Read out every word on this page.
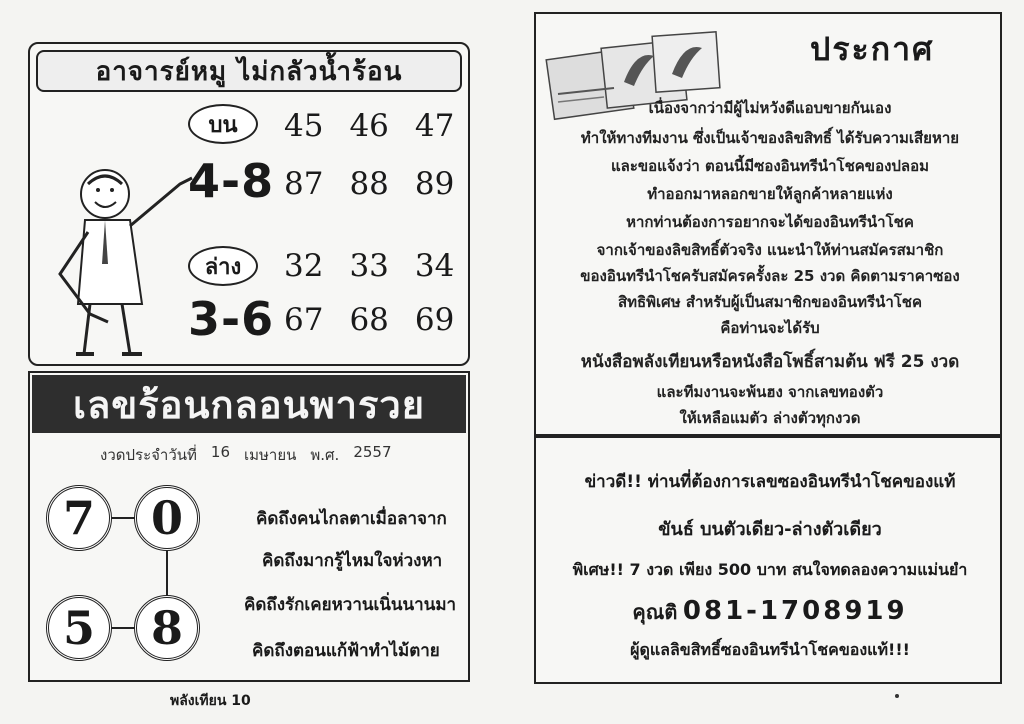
อาจารย์หมู ไม่กลัวน้ำร้อน
บน 45 46 47
4-8 87 88 89
ล่าง 32 33 34
3-6 67 68 69
เลขร้อนกลอนพารวย
งวดประจำวันที่ 16 เมษายน พ.ศ. 2557
7 0
5 8
คิดถึงคนไกลตาเมื่อลาจาก
คิดถึงมากรู้ไหมใจห่วงหา
คิดถึงรักเคยหวานเนิ่นนานมา
คิดถึงตอนแก้ฟ้าทำไม้ตาย
พลังเทียน 10
ประกาศ
เนื่องจากว่ามีผู้ไม่หวังดีแอบขายกันเอง
ทำให้ทางทีมงาน ซึ่งเป็นเจ้าของลิขสิทธิ์ ได้รับความเสียหาย
และขอแจ้งว่า ตอนนี้มีซองอินทรีนำโชคของปลอม
ทำออกมาหลอกขายให้ลูกค้าหลายแห่ง
หากท่านต้องการอยากจะได้ของอินทรีนำโชค
จากเจ้าของลิขสิทธิ์ตัวจริง แนะนำให้ท่านสมัครสมาชิก
ของอินทรีนำโชครับสมัครครั้งละ 25 งวด คิดตามราคาซอง
สิทธิพิเศษ สำหรับผู้เป็นสมาชิกของอินทรีนำโชค
คือท่านจะได้รับ
หนังสือพลังเทียนหรือหนังสือโพธิ์สามต้น ฟรี 25 งวด
และทีมงานจะพ้นฮง จากเลขทองตัว
ให้เหลือแมตัว ล่างตัวทุกงวด
ข่าวดี!! ท่านที่ต้องการเลขซองอินทรีนำโชคของแท้
ขันธ์ บนตัวเดียว-ล่างตัวเดียว
พิเศษ!! 7 งวด เพียง 500 บาท สนใจทดลองความแม่นยำ
คุณติ 081-1708919
ผู้ดูแลลิขสิทธิ์ซองอินทรีนำโชคของแท้!!!
